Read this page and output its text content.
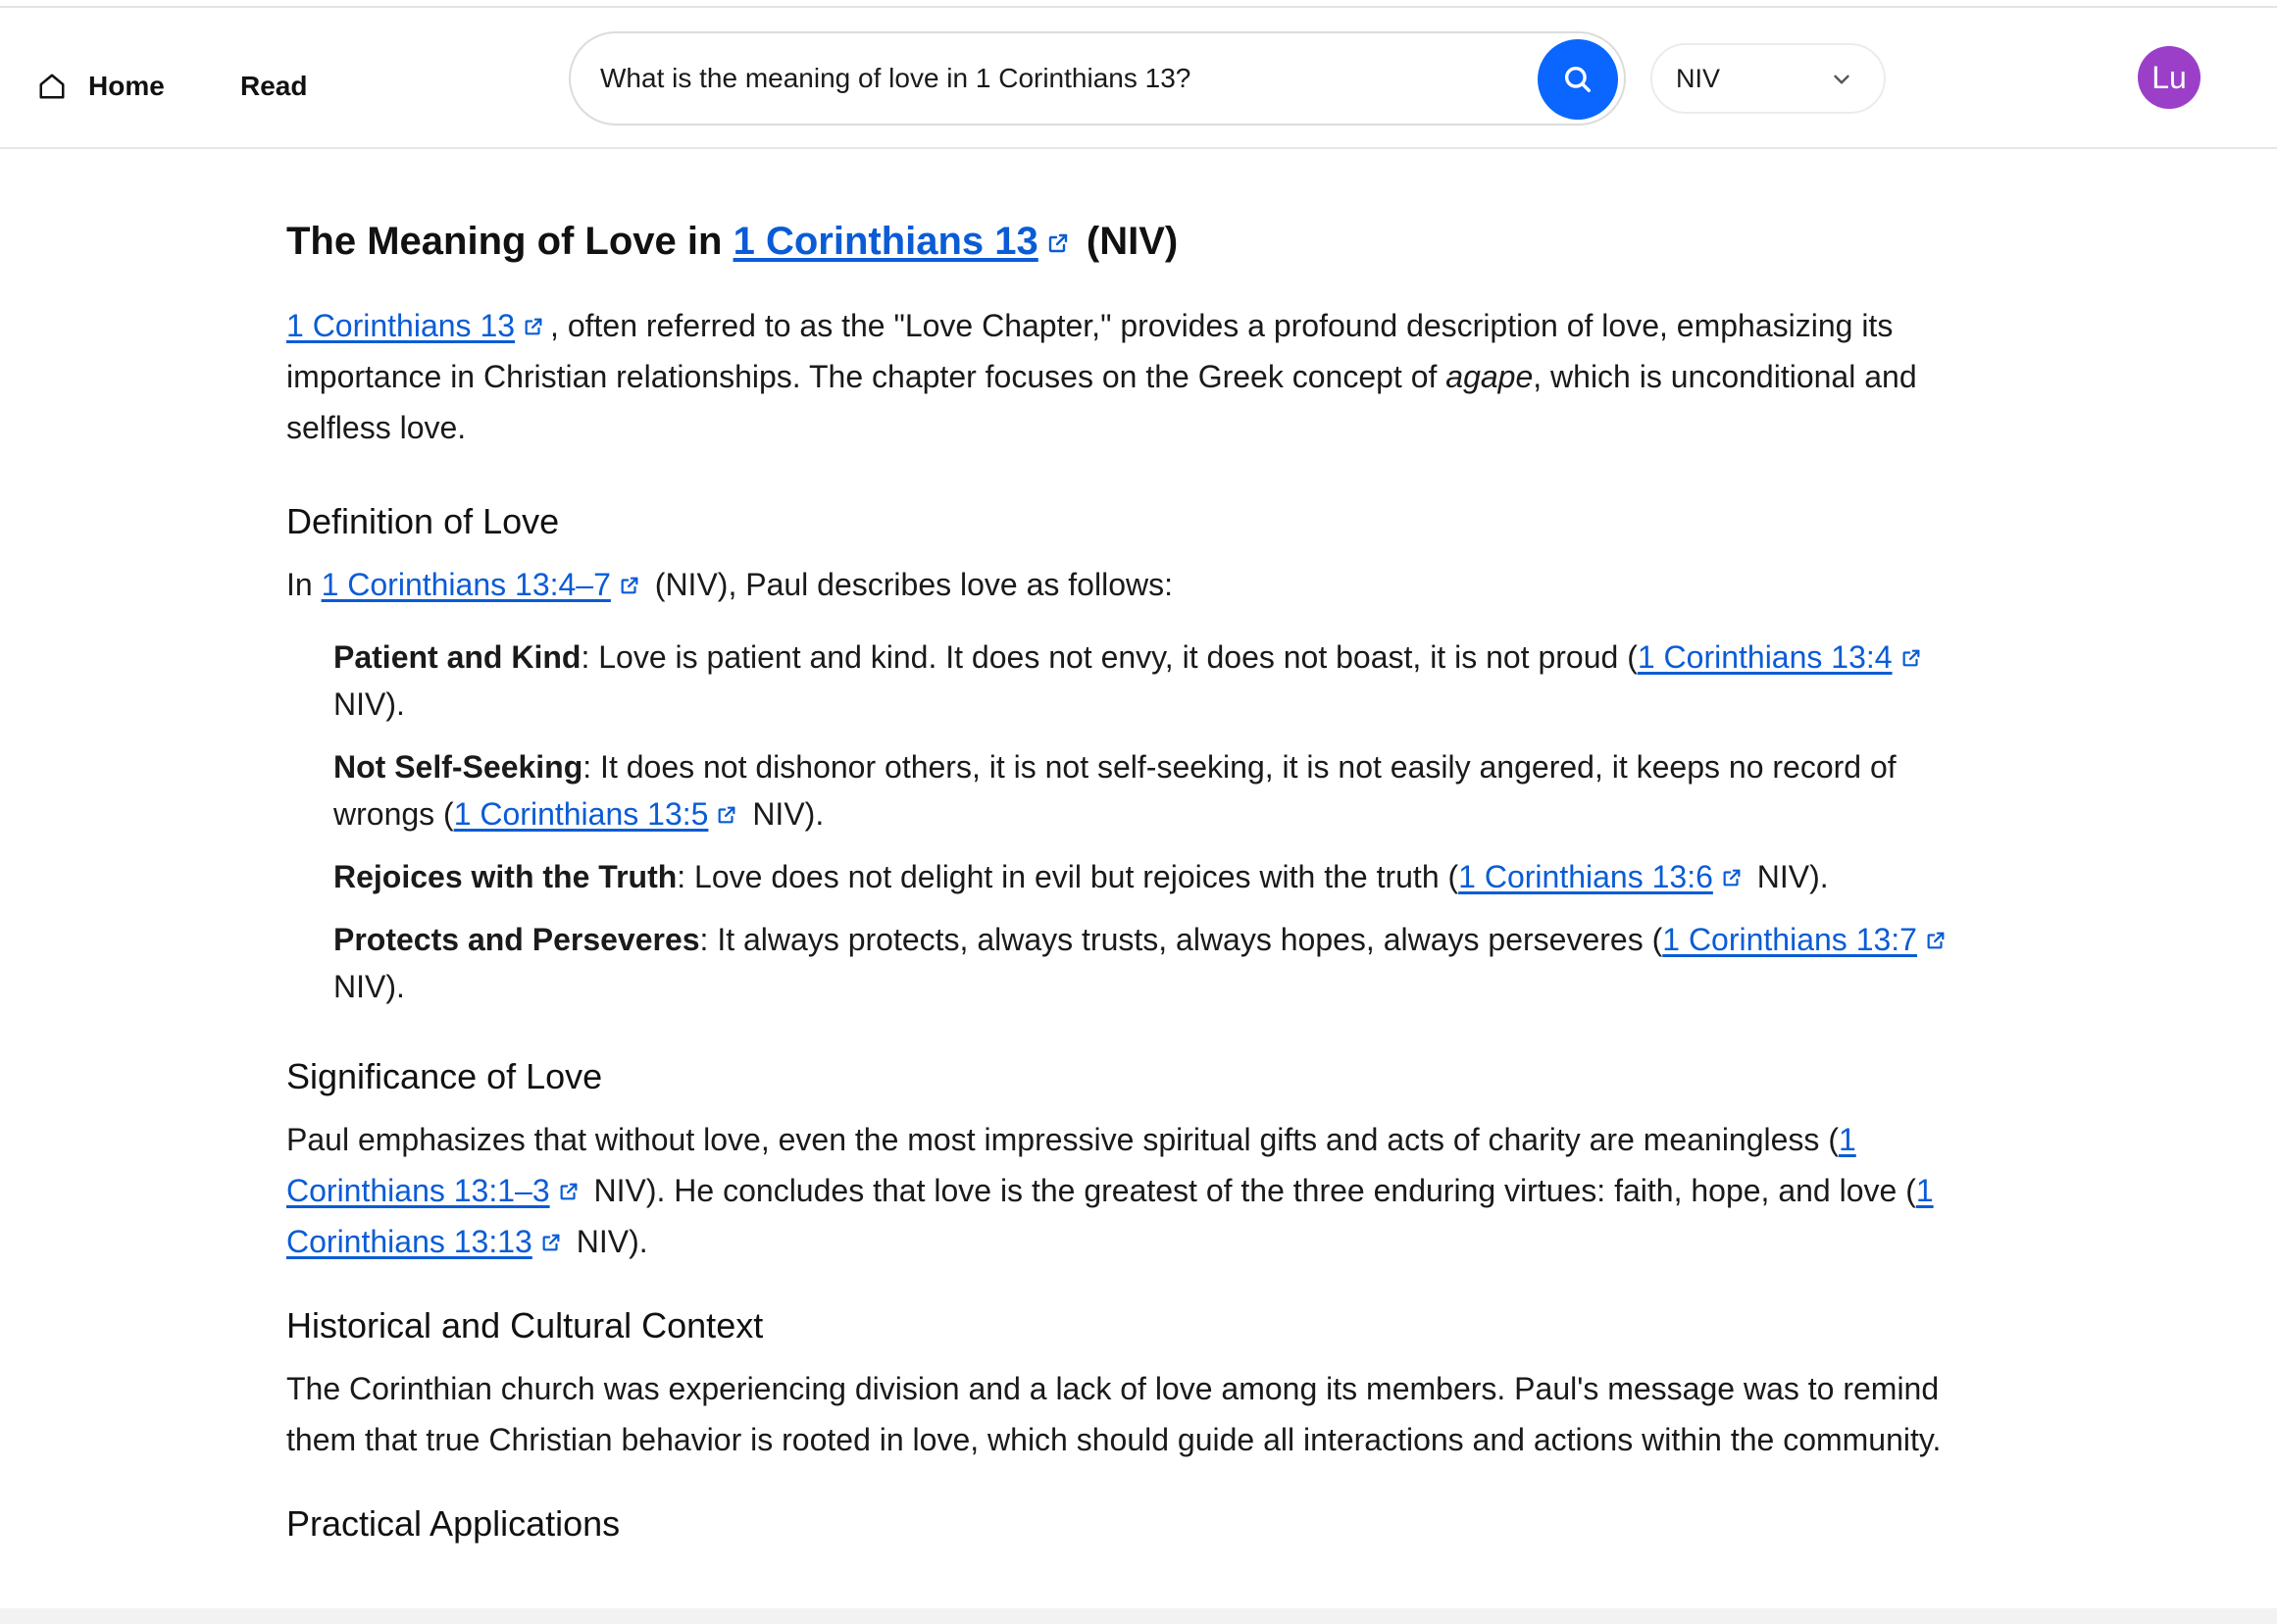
Home	Read
What is the meaning of love in 1 Corinthians 13?	NIV	Lu
The Meaning of Love in 1 Corinthians 13 (NIV)

1 Corinthians 13 , often referred to as the "Love Chapter," provides a profound description of love, emphasizing its importance in Christian relationships. The chapter focuses on the Greek concept of agape, which is unconditional and selfless love.

Definition of Love

In 1 Corinthians 13:4–7 (NIV), Paul describes love as follows:

Patient and Kind: Love is patient and kind. It does not envy, it does not boast, it is not proud (1 Corinthians 13:4 NIV).
Not Self-Seeking: It does not dishonor others, it is not self-seeking, it is not easily angered, it keeps no record of wrongs (1 Corinthians 13:5 NIV).
Rejoices with the Truth: Love does not delight in evil but rejoices with the truth (1 Corinthians 13:6 NIV).
Protects and Perseveres: It always protects, always trusts, always hopes, always perseveres (1 Corinthians 13:7 NIV).
Significance of Love

Paul emphasizes that without love, even the most impressive spiritual gifts and acts of charity are meaningless (1 Corinthians 13:1–3 NIV). He concludes that love is the greatest of the three enduring virtues: faith, hope, and love (1 Corinthians 13:13 NIV).

Historical and Cultural Context

The Corinthian church was experiencing division and a lack of love among its members. Paul's message was to remind them that true Christian behavior is rooted in love, which should guide all interactions and actions within the community.

Practical Applications
